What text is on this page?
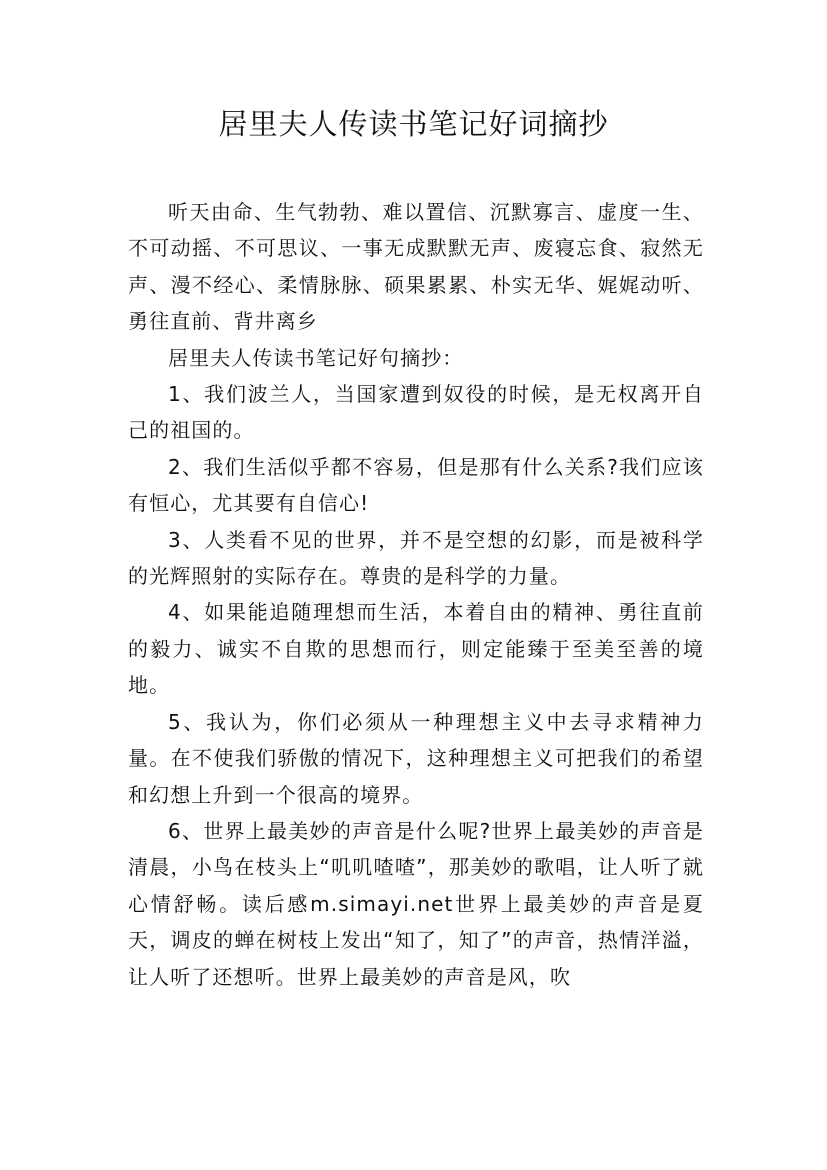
居里夫人传读书笔记好词摘抄

听天由命、生气勃勃、难以置信、沉默寡言、虚度一生、不可动摇、不可思议、一事无成默默无声、废寝忘食、寂然无声、漫不经心、柔情脉脉、硕果累累、朴实无华、娓娓动听、勇往直前、背井离乡

居里夫人传读书笔记好句摘抄：

1、我们波兰人，当国家遭到奴役的时候，是无权离开自己的祖国的。

2、我们生活似乎都不容易，但是那有什么关系?我们应该有恒心，尤其要有自信心!

3、人类看不见的世界，并不是空想的幻影，而是被科学的光辉照射的实际存在。尊贵的是科学的力量。

4、如果能追随理想而生活，本着自由的精神、勇往直前的毅力、诚实不自欺的思想而行，则定能臻于至美至善的境地。

5、我认为，你们必须从一种理想主义中去寻求精神力量。在不使我们骄傲的情况下，这种理想主义可把我们的希望和幻想上升到一个很高的境界。

6、世界上最美妙的声音是什么呢?世界上最美妙的声音是清晨，小鸟在枝头上“叽叽喳喳”，那美妙的歌唱，让人听了就心情舒畅。读后感m.simayi.net世界上最美妙的声音是夏天，调皮的蝉在树枝上发出“知了，知了”的声音，热情洋溢，让人听了还想听。世界上最美妙的声音是风，吹
